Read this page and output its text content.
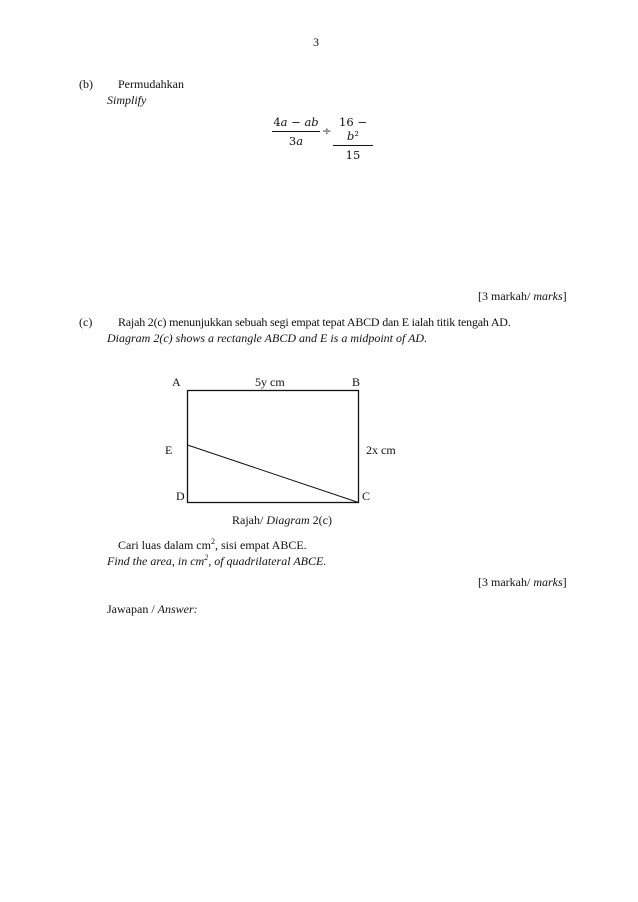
3
(b) Permudahkan
Simplify
4𝑎 − 𝑎𝑏
3𝑎
÷
16 − 𝑏²
15
[3 markah/ marks]
(c) Rajah 2(c) menunjukkan sebuah segi empat tepat ABCD dan E ialah titik tengah AD.
Diagram 2(c) shows a rectangle ABCD and E is a midpoint of AD.
A	B
5y cm
E	2x cm
D	C
Rajah/ Diagram 2(c)
Cari luas dalam $cm^2$, sisi empat ABCE.
Find the area, in $cm^2$, of quadrilateral ABCE.
[3 markah/ marks]
Jawapan / Answer:
